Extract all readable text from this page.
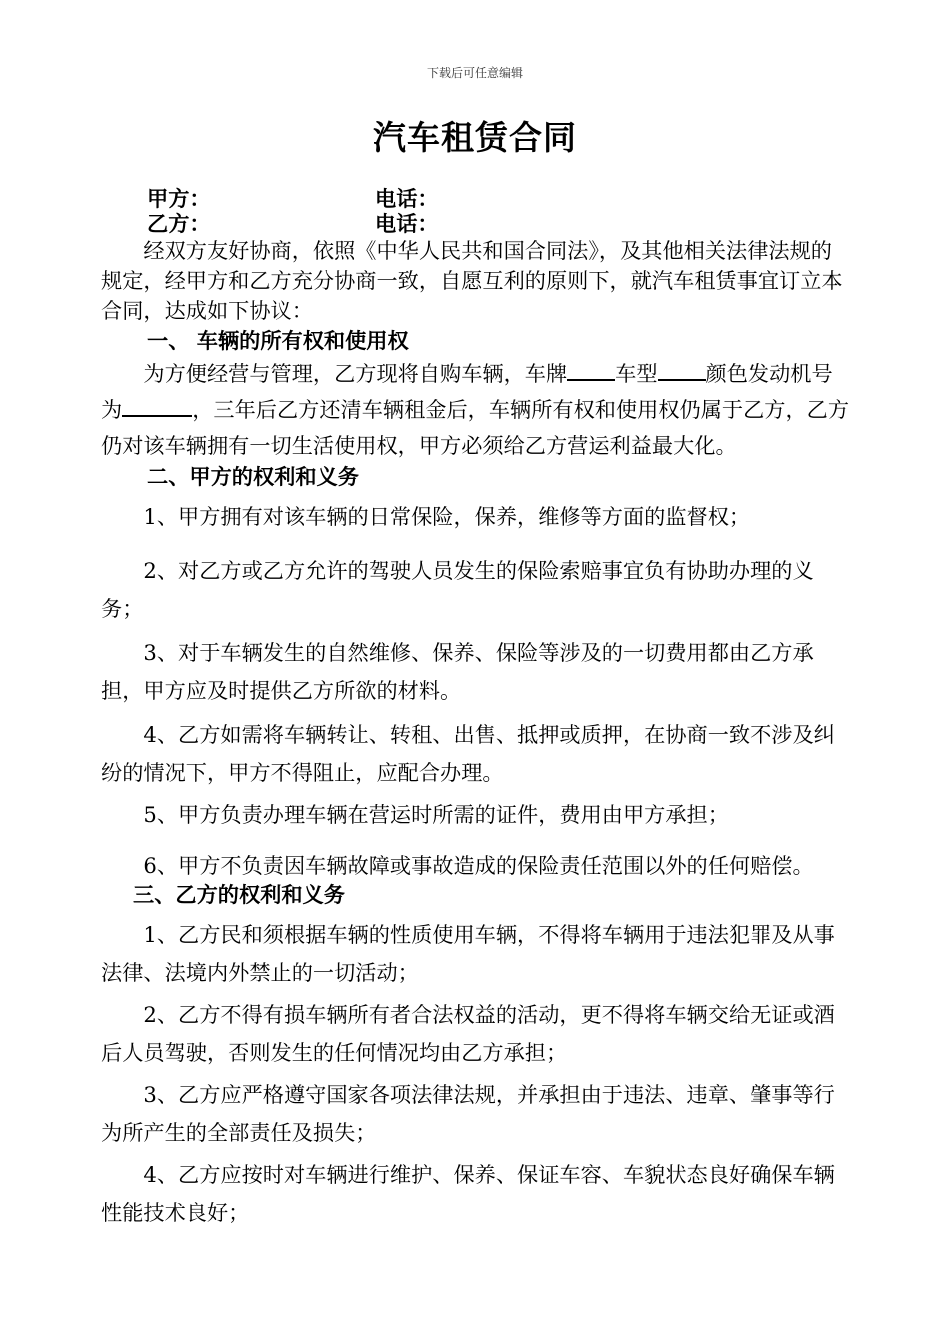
下载后可任意编辑
汽车租赁合同
甲方：	电话：
乙方：	电话：
经双方友好协商，依照《中华人民共和国合同法》，及其他相关法律法规的规定，经甲方和乙方充分协商一致，自愿互利的原则下，就汽车租赁事宜订立本合同，达成如下协议：
一、 车辆的所有权和使用权
为方便经营与管理，乙方现将自购车辆，车牌 车型 颜色发动机号为	，三年后乙方还清车辆租金后，车辆所有权和使用权仍属于乙方，乙方仍对该车辆拥有一切生活使用权，甲方必须给乙方营运利益最大化。
二、甲方的权利和义务
1、甲方拥有对该车辆的日常保险，保养，维修等方面的监督权；
2、对乙方或乙方允许的驾驶人员发生的保险索赔事宜负有协助办理的义务；
3、对于车辆发生的自然维修、保养、保险等涉及的一切费用都由乙方承担，甲方应及时提供乙方所欲的材料。
4、乙方如需将车辆转让、转租、出售、抵押或质押，在协商一致不涉及纠纷的情况下，甲方不得阻止，应配合办理。
5、甲方负责办理车辆在营运时所需的证件，费用由甲方承担；
6、甲方不负责因车辆故障或事故造成的保险责任范围以外的任何赔偿。
三、乙方的权利和义务
1、乙方民和须根据车辆的性质使用车辆，不得将车辆用于违法犯罪及从事法律、法境内外禁止的一切活动；
2、乙方不得有损车辆所有者合法权益的活动，更不得将车辆交给无证或酒后人员驾驶，否则发生的任何情况均由乙方承担；
3、乙方应严格遵守国家各项法律法规，并承担由于违法、违章、肇事等行为所产生的全部责任及损失；
4、乙方应按时对车辆进行维护、保养、保证车容、车貌状态良好确保车辆性能技术良好；
